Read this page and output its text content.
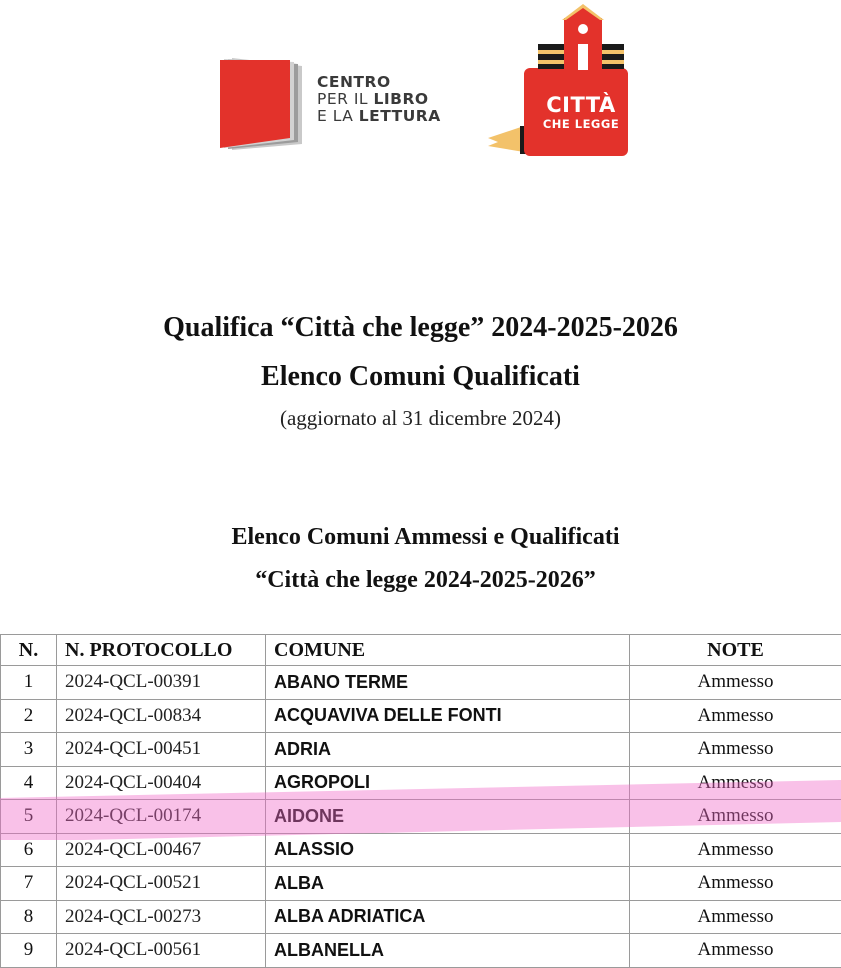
CENTRO
PER IL LIBRO
E LA LETTURA	CITTÀ
CHE LEGGE
Qualifica “Città che legge” 2024-2025-2026
Elenco Comuni Qualificati
(aggiornato al 31 dicembre 2024)
Elenco Comuni Ammessi e Qualificati
“Città che legge 2024-2025-2026”
N.	N. PROTOCOLLO	COMUNE	NOTE
1	2024-QCL-00391	ABANO TERME	Ammesso
2	2024-QCL-00834	ACQUAVIVA DELLE FONTI	Ammesso
3	2024-QCL-00451	ADRIA	Ammesso
4	2024-QCL-00404	AGROPOLI	Ammesso
5	2024-QCL-00174	AIDONE	Ammesso
6	2024-QCL-00467	ALASSIO	Ammesso
7	2024-QCL-00521	ALBA	Ammesso
8	2024-QCL-00273	ALBA ADRIATICA	Ammesso
9	2024-QCL-00561	ALBANELLA	Ammesso
